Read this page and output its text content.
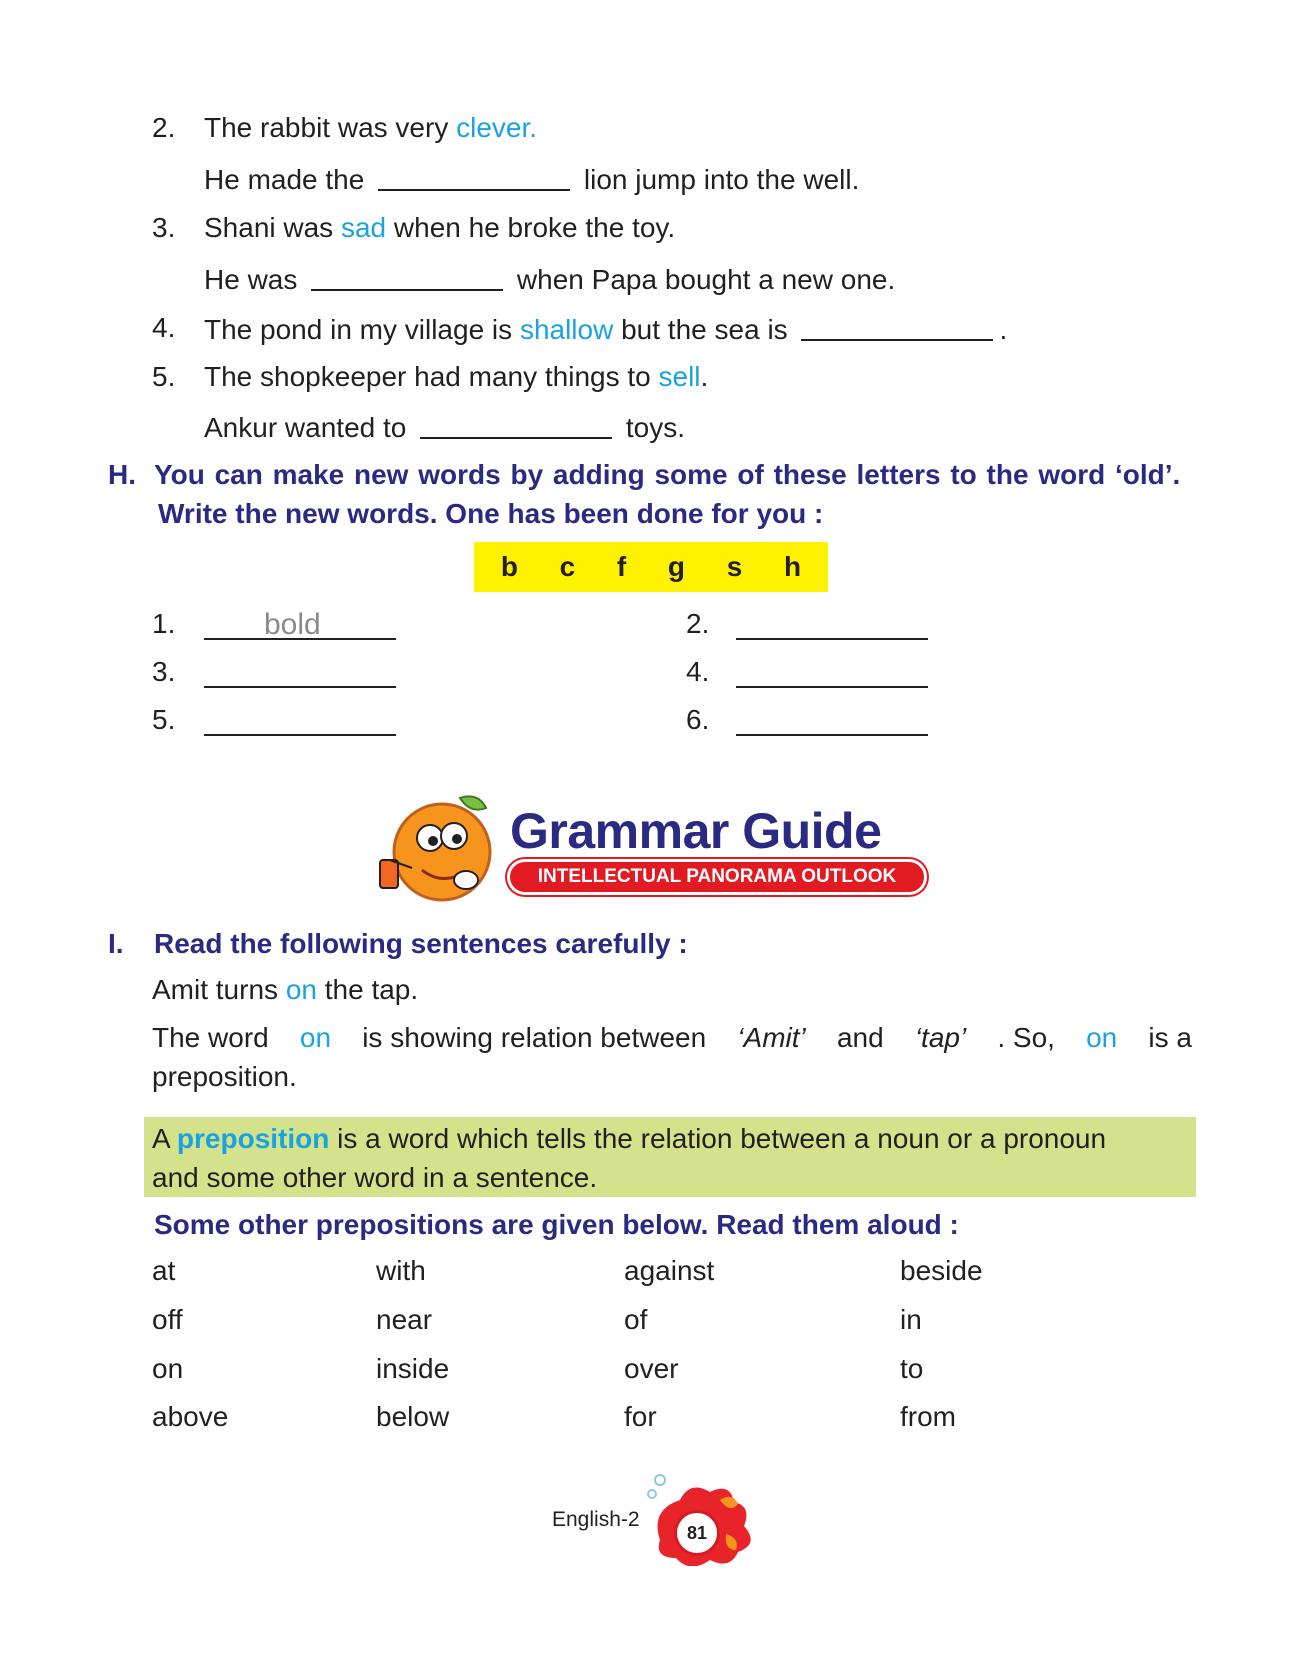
2. The rabbit was very clever.
He made the	lion jump into the well.
3. Shani was sad when he broke the toy.
He was	when Papa bought a new one.
4. The pond in my village is shallow but the sea is	.
5. The shopkeeper had many things to sell.
Ankur wanted to	toys.
H. You can make new words by adding some of these letters to the word ‘old’.
Write the new words. One has been done for you :
b c f g s h
1.	bold	2.
3.	4.
5.	6.
Grammar Guide
INTELLECTUAL PANORAMA OUTLOOK
I. Read the following sentences carefully :
Amit turns on the tap.
The word on is showing relation between ‘Amit’ and ‘tap’ . So, on is a
preposition.
A preposition is a word which tells the relation between a noun or a pronoun
and some other word in a sentence.
Some other prepositions are given below. Read them aloud :
at	with	against	beside
off	near	of	in
on	inside	over	to
above	below	for	from
English-2
81
